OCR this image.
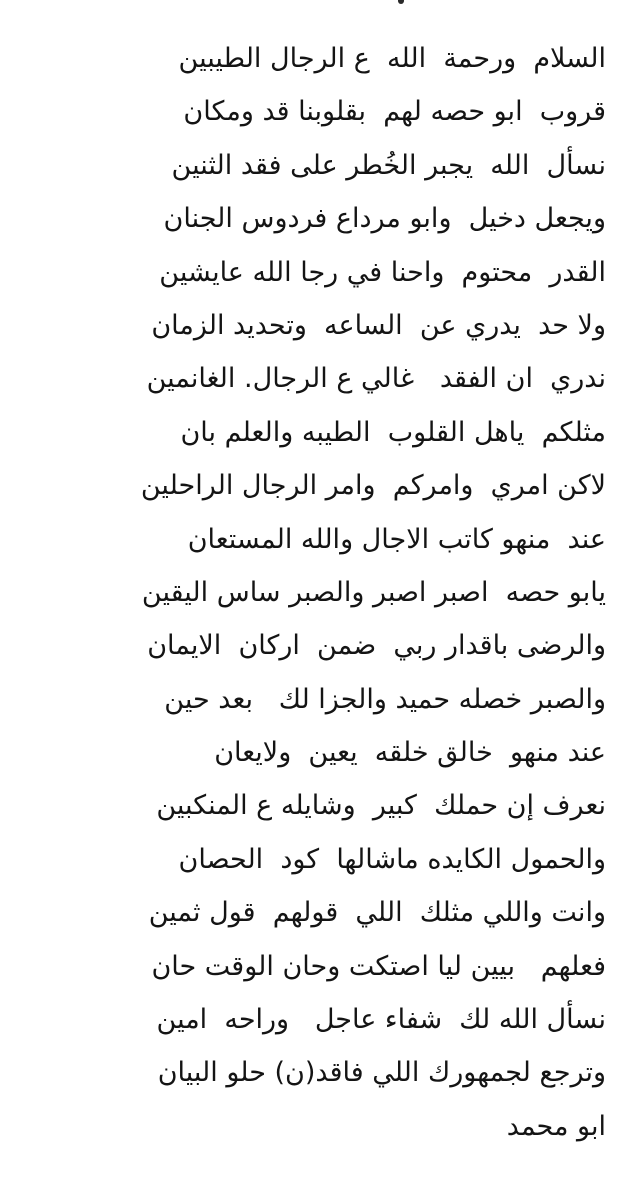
السلام  ورحمة  الله  ع الرجال الطيبين
قروب  ابو حصه لهم  بقلوبنا قد ومكان
نسأل  الله  يجبر الخُطر على فقد الثنين
ويجعل دخيل  وابو مرداع فردوس الجنان
القدر  محتوم  واحنا في رجا الله عايشين
ولا حد  يدري عن  الساعه  وتحديد الزمان
ندري  ان الفقد   غالي ع الرجال. الغانمين
مثلكم  ياهل القلوب  الطيبه والعلم بان
لاكن امري  وامركم  وامر الرجال الراحلين
عند  منهو كاتب الاجال والله المستعان
يابو حصه  اصبر اصبر والصبر ساس اليقين
والرضى باقدار ربي  ضمن  اركان  الايمان
والصبر خصله حميد والجزا لك   بعد حين
عند منهو  خالق خلقه  يعين  ولايعان
نعرف إن حملك  كبير  وشايله ع المنكبين
والحمول الكايده ماشالها  كود  الحصان
وانت واللي مثلك  اللي  قولهم  قول ثمين
فعلهم   بيين ليا اصتكت وحان الوقت حان
نسأل الله لك  شفاء عاجل   وراحه  امين
وترجع لجمهورك اللي فاقد(ن) حلو البيان
ابو محمد
